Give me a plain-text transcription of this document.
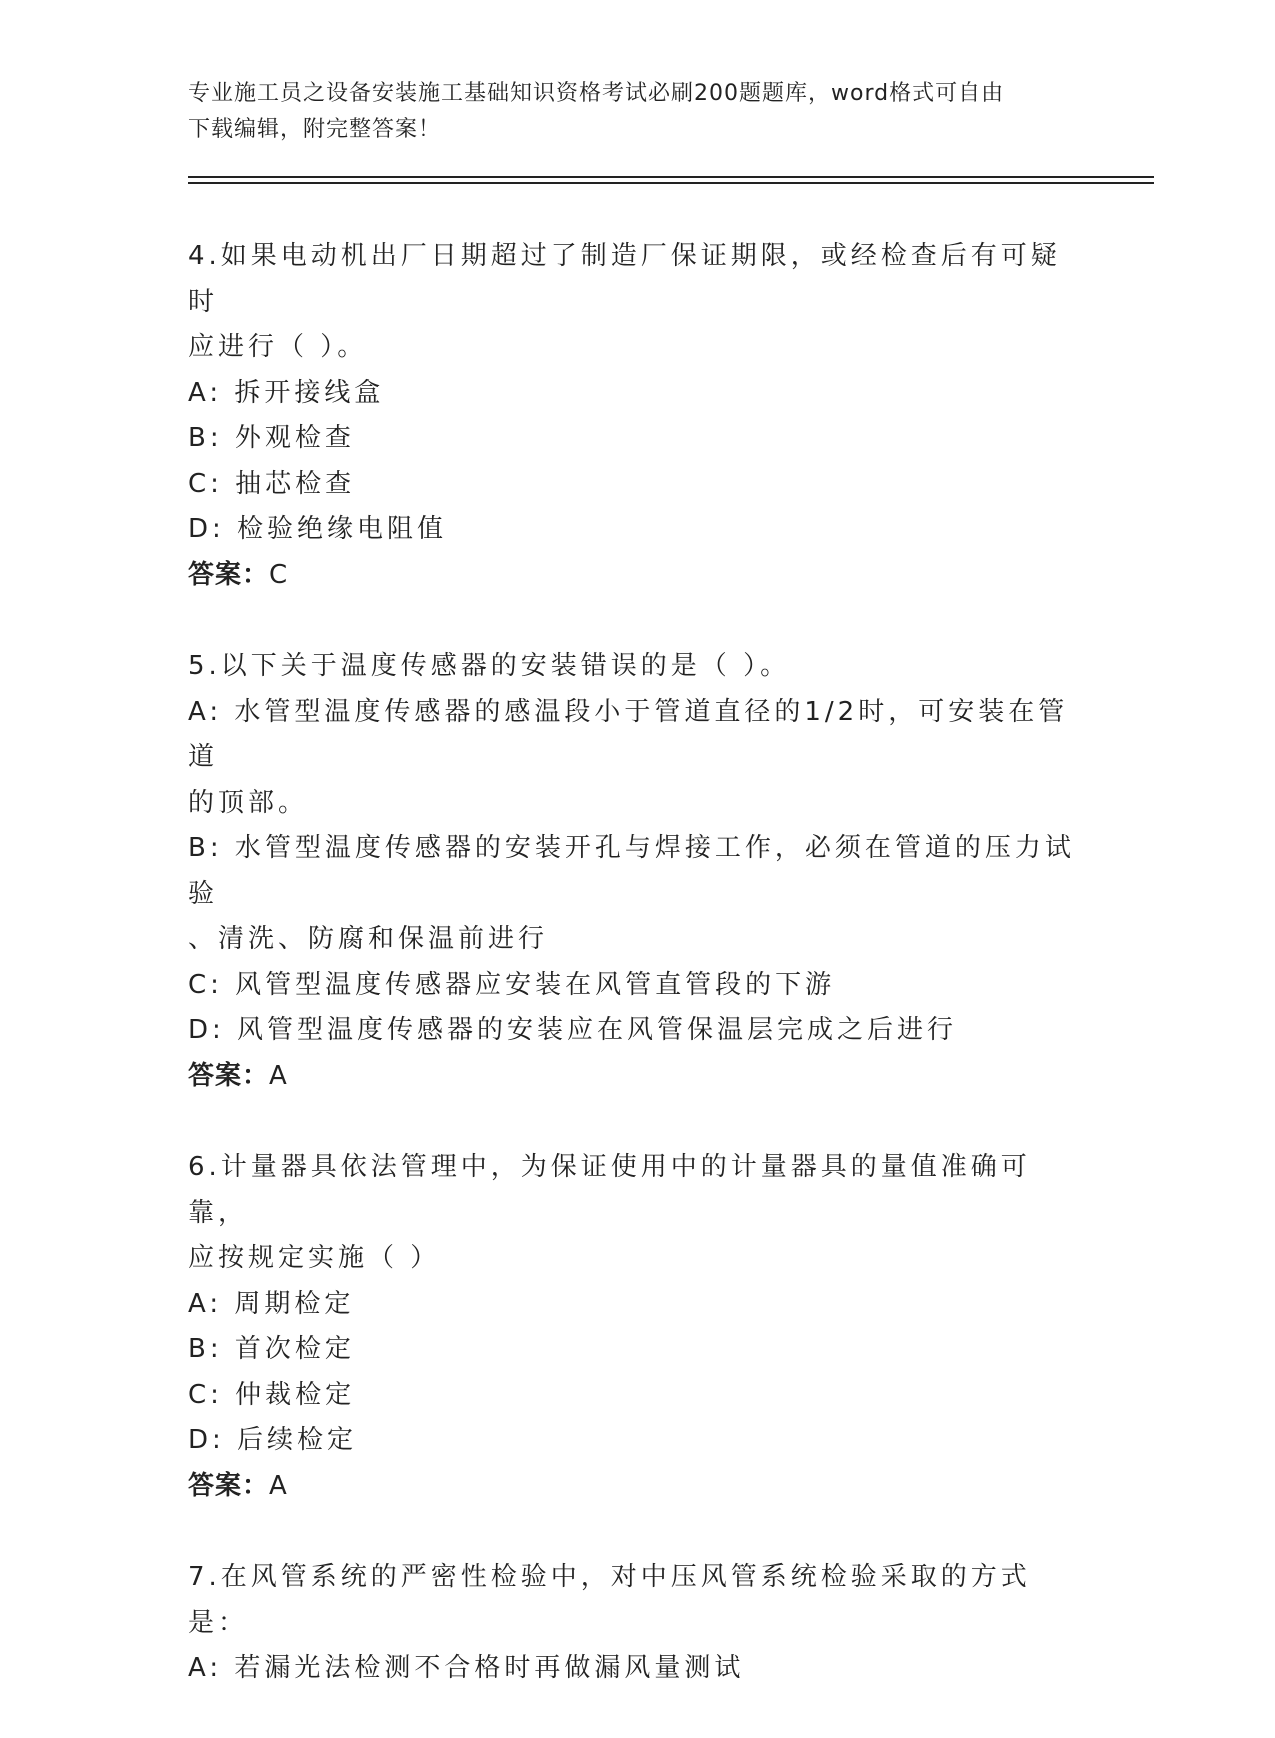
专业施工员之设备安装施工基础知识资格考试必刷200题题库，word格式可自由
下载编辑，附完整答案！

4.如果电动机出厂日期超过了制造厂保证期限，或经检查后有可疑时

应进行（ ）。

A: 拆开接线盒

B: 外观检查

C: 抽芯检查

D: 检验绝缘电阻值

答案：C

5.以下关于温度传感器的安装错误的是（ ）。

A: 水管型温度传感器的感温段小于管道直径的1/2时，可安装在管道

的顶部。

B: 水管型温度传感器的安装开孔与焊接工作，必须在管道的压力试验

、清洗、防腐和保温前进行

C: 风管型温度传感器应安装在风管直管段的下游

D: 风管型温度传感器的安装应在风管保温层完成之后进行

答案：A

6.计量器具依法管理中，为保证使用中的计量器具的量值准确可靠，

应按规定实施（ ）

A: 周期检定

B: 首次检定

C: 仲裁检定

D: 后续检定

答案：A

7.在风管系统的严密性检验中，对中压风管系统检验采取的方式是：

A: 若漏光法检测不合格时再做漏风量测试
